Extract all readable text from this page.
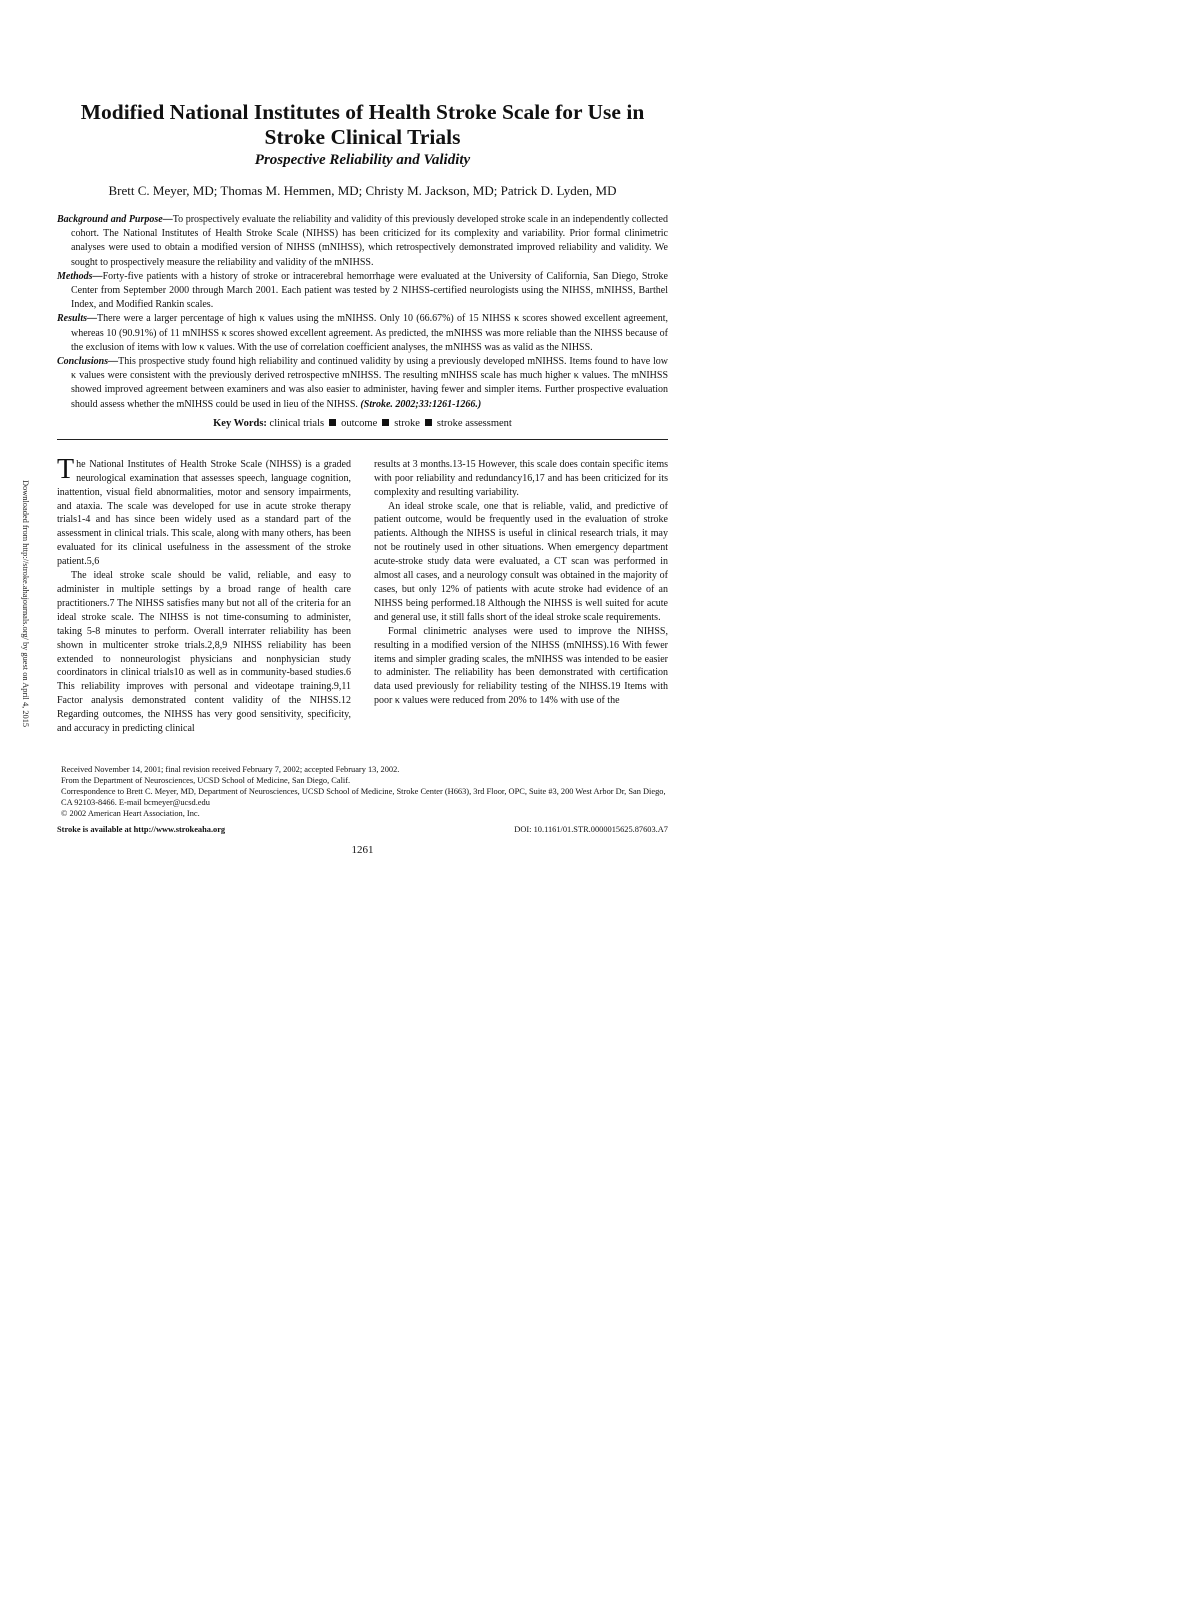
Downloaded from http://stroke.ahajournals.org/ by guest on April 4, 2015
Modified National Institutes of Health Stroke Scale for Use in Stroke Clinical Trials
Prospective Reliability and Validity
Brett C. Meyer, MD; Thomas M. Hemmen, MD; Christy M. Jackson, MD; Patrick D. Lyden, MD

Background and Purpose—To prospectively evaluate the reliability and validity of this previously developed stroke scale in an independently collected cohort. The National Institutes of Health Stroke Scale (NIHSS) has been criticized for its complexity and variability. Prior formal clinimetric analyses were used to obtain a modified version of NIHSS (mNIHSS), which retrospectively demonstrated improved reliability and validity. We sought to prospectively measure the reliability and validity of the mNIHSS.

Methods—Forty-five patients with a history of stroke or intracerebral hemorrhage were evaluated at the University of California, San Diego, Stroke Center from September 2000 through March 2001. Each patient was tested by 2 NIHSS-certified neurologists using the NIHSS, mNIHSS, Barthel Index, and Modified Rankin scales.

Results—There were a larger percentage of high κ values using the mNIHSS. Only 10 (66.67%) of 15 NIHSS κ scores showed excellent agreement, whereas 10 (90.91%) of 11 mNIHSS κ scores showed excellent agreement. As predicted, the mNIHSS was more reliable than the NIHSS because of the exclusion of items with low κ values. With the use of correlation coefficient analyses, the mNIHSS was as valid as the NIHSS.

Conclusions—This prospective study found high reliability and continued validity by using a previously developed mNIHSS. Items found to have low κ values were consistent with the previously derived retrospective mNIHSS. The resulting mNIHSS scale has much higher κ values. The mNIHSS showed improved agreement between examiners and was also easier to administer, having fewer and simpler items. Further prospective evaluation should assess whether the mNIHSS could be used in lieu of the NIHSS. (Stroke. 2002;33:1261-1266.)

Key Words: clinical trials outcome stroke stroke assessment

The National Institutes of Health Stroke Scale (NIHSS) is a graded neurological examination that assesses speech, language cognition, inattention, visual field abnormalities, motor and sensory impairments, and ataxia. The scale was developed for use in acute stroke therapy trials1-4 and has since been widely used as a standard part of the assessment in clinical trials. This scale, along with many others, has been evaluated for its clinical usefulness in the assessment of the stroke patient.5,6

The ideal stroke scale should be valid, reliable, and easy to administer in multiple settings by a broad range of health care practitioners.7 The NIHSS satisfies many but not all of the criteria for an ideal stroke scale. The NIHSS is not time-consuming to administer, taking 5-8 minutes to perform. Overall interrater reliability has been shown in multicenter stroke trials.2,8,9 NIHSS reliability has been extended to nonneurologist physicians and nonphysician study coordinators in clinical trials10 as well as in community-based studies.6 This reliability improves with personal and videotape training.9,11 Factor analysis demonstrated content validity of the NIHSS.12 Regarding outcomes, the NIHSS has very good sensitivity, specificity, and accuracy in predicting clinical

results at 3 months.13-15 However, this scale does contain specific items with poor reliability and redundancy16,17 and has been criticized for its complexity and resulting variability.

An ideal stroke scale, one that is reliable, valid, and predictive of patient outcome, would be frequently used in the evaluation of stroke patients. Although the NIHSS is useful in clinical research trials, it may not be routinely used in other situations. When emergency department acute-stroke study data were evaluated, a CT scan was performed in almost all cases, and a neurology consult was obtained in the majority of cases, but only 12% of patients with acute stroke had evidence of an NIHSS being performed.18 Although the NIHSS is well suited for acute and general use, it still falls short of the ideal stroke scale requirements.

Formal clinimetric analyses were used to improve the NIHSS, resulting in a modified version of the NIHSS (mNIHSS).16 With fewer items and simpler grading scales, the mNIHSS was intended to be easier to administer. The reliability has been demonstrated with certification data used previously for reliability testing of the NIHSS.19 Items with poor κ values were reduced from 20% to 14% with use of the

Received November 14, 2001; final revision received February 7, 2002; accepted February 13, 2002.
From the Department of Neurosciences, UCSD School of Medicine, San Diego, Calif.
Correspondence to Brett C. Meyer, MD, Department of Neurosciences, UCSD School of Medicine, Stroke Center (H663), 3rd Floor, OPC, Suite #3, 200 West Arbor Dr, San Diego, CA 92103-8466. E-mail bcmeyer@ucsd.edu
© 2002 American Heart Association, Inc.
Stroke is available at http://www.strokeaha.org	DOI: 10.1161/01.STR.0000015625.87603.A7
1261
